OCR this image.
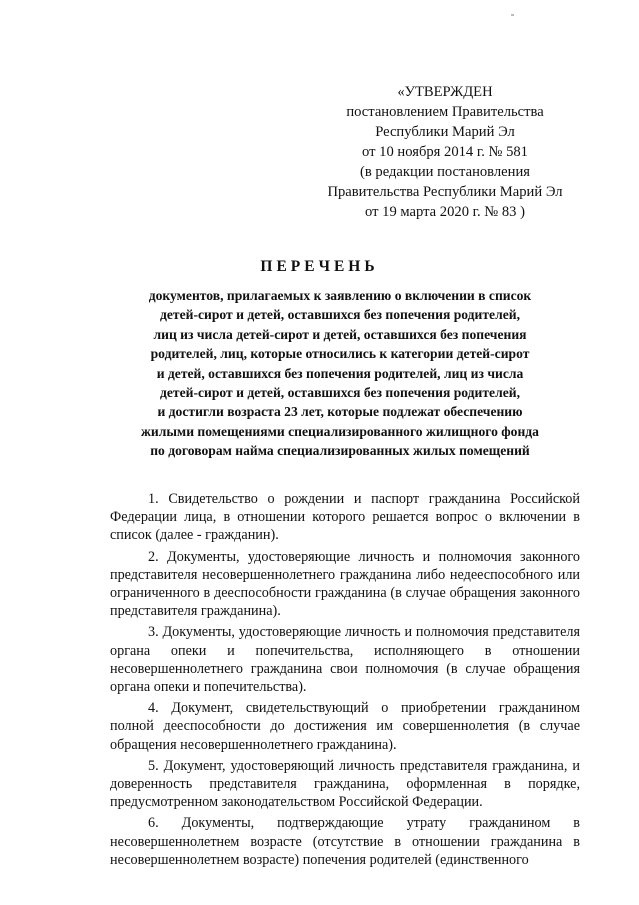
«УТВЕРЖДЕН
постановлением Правительства
Республики Марий Эл
от 10 ноября 2014 г. № 581
(в редакции постановления
Правительства Республики Марий Эл
от 19 марта 2020 г. № 83 )
ПЕРЕЧЕНЬ
документов, прилагаемых к заявлению о включении в список
детей-сирот и детей, оставшихся без попечения родителей,
лиц из числа детей-сирот и детей, оставшихся без попечения
родителей, лиц, которые относились к категории детей-сирот
и детей, оставшихся без попечения родителей, лиц из числа
детей-сирот и детей, оставшихся без попечения родителей,
и достигли возраста 23 лет, которые подлежат обеспечению
жилыми помещениями специализированного жилищного фонда
по договорам найма специализированных жилых помещений

1. Свидетельство о рождении и паспорт гражданина Российской Федерации лица, в отношении которого решается вопрос о включении в список (далее - гражданин).

2. Документы, удостоверяющие личность и полномочия законного представителя несовершеннолетнего гражданина либо недееспособного или ограниченного в дееспособности гражданина (в случае обращения законного представителя гражданина).

3. Документы, удостоверяющие личность и полномочия представителя органа опеки и попечительства, исполняющего в отношении несовершеннолетнего гражданина свои полномочия (в случае обращения органа опеки и попечительства).

4. Документ, свидетельствующий о приобретении гражданином полной дееспособности до достижения им совершеннолетия (в случае обращения несовершеннолетнего гражданина).

5. Документ, удостоверяющий личность представителя гражданина, и доверенность представителя гражданина, оформленная в порядке, предусмотренном законодательством Российской Федерации.

6. Документы, подтверждающие утрату гражданином в несовершеннолетнем возрасте (отсутствие в отношении гражданина в несовершеннолетнем возрасте) попечения родителей (единственного
